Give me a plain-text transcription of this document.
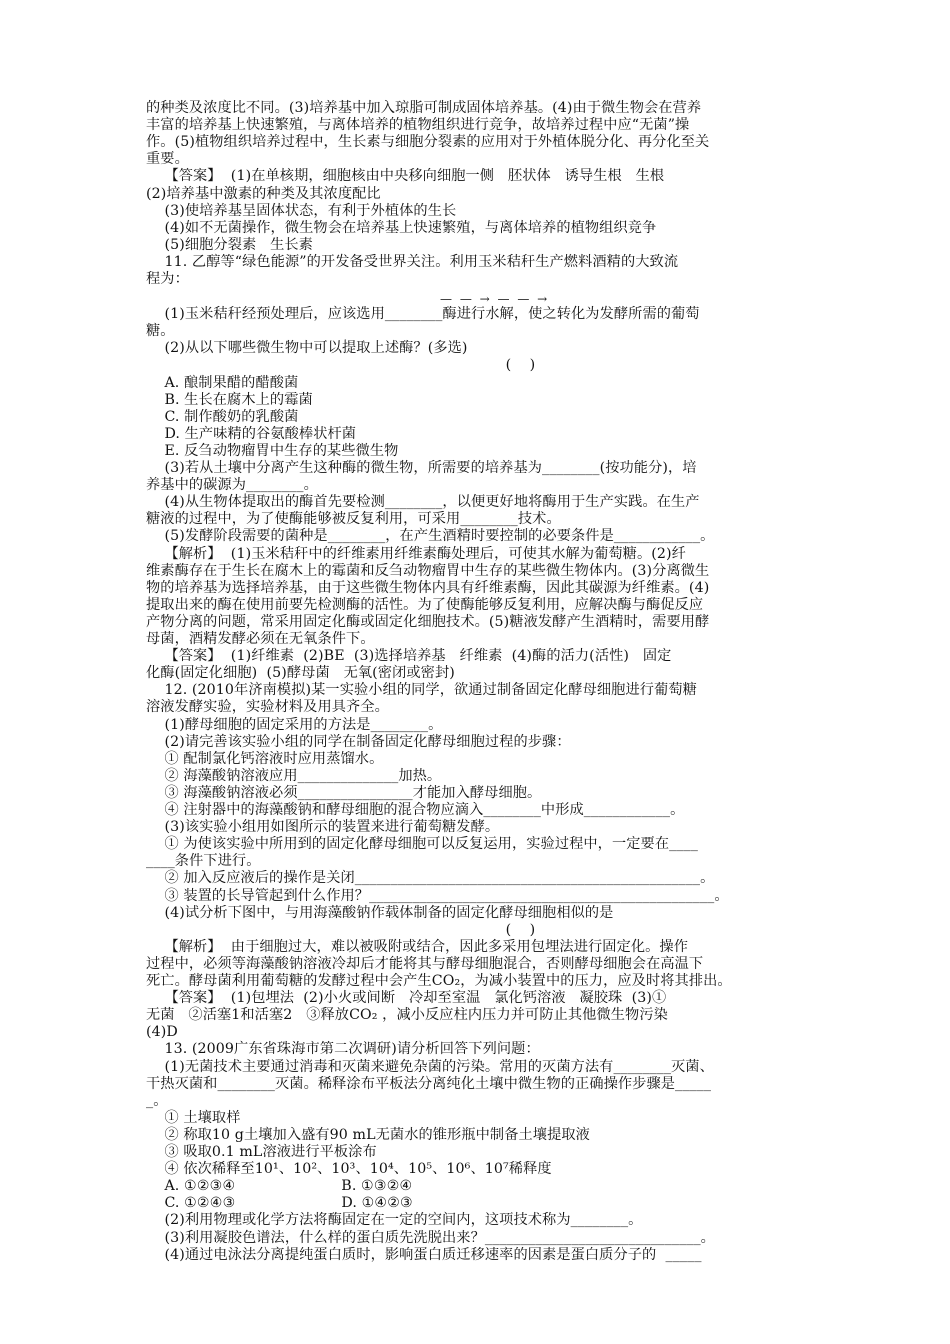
的种类及浓度比不同。(3)培养基中加入琼脂可制成固体培养基。(4)由于微生物会在营养
丰富的培养基上快速繁殖，与离体培养的植物组织进行竞争，故培养过程中应“无菌”操
作。(5)植物组织培养过程中，生长素与细胞分裂素的应用对于外植体脱分化、再分化至关
重要。
【答案】  (1)在单核期，细胞核由中央移向细胞一侧   胚状体   诱导生根   生根
(2)培养基中激素的种类及其浓度配比
(3)使培养基呈固体状态，有利于外植体的生长
(4)如不无菌操作，微生物会在培养基上快速繁殖，与离体培养的植物组织竞争
(5)细胞分裂素   生长素
11. 乙醇等“绿色能源”的开发备受世界关注。利用玉米秸秆生产燃料酒精的大致流
程为：
(1)玉米秸秆经预处理后，应该选用________酶进行水解，使之转化为发酵所需的葡萄
糖。
(2)从以下哪些微生物中可以提取上述酶？(多选)
(    )
A. 酿制果醋的醋酸菌
B. 生长在腐木上的霉菌
C. 制作酸奶的乳酸菌
D. 生产味精的谷氨酸棒状杆菌
E. 反刍动物瘤胃中生存的某些微生物
(3)若从土壤中分离产生这种酶的微生物，所需要的培养基为________(按功能分)，培
养基中的碳源为________。
(4)从生物体提取出的酶首先要检测________，以便更好地将酶用于生产实践。在生产
糖液的过程中，为了使酶能够被反复利用，可采用________技术。
(5)发酵阶段需要的菌种是________，在产生酒精时要控制的必要条件是____________。
【解析】  (1)玉米秸秆中的纤维素用纤维素酶处理后，可使其水解为葡萄糖。(2)纤
维素酶存在于生长在腐木上的霉菌和反刍动物瘤胃中生存的某些微生物体内。(3)分离微生
物的培养基为选择培养基，由于这些微生物体内具有纤维素酶，因此其碳源为纤维素。(4)
提取出来的酶在使用前要先检测酶的活性。为了使酶能够反复利用，应解决酶与酶促反应
产物分离的问题，常采用固定化酶或固定化细胞技术。(5)糖液发酵产生酒精时，需要用酵
母菌，酒精发酵必须在无氧条件下。
【答案】  (1)纤维素  (2)BE  (3)选择培养基   纤维素  (4)酶的活力(活性)   固定
化酶(固定化细胞)  (5)酵母菌   无氧(密闭或密封)
12. (2010年济南模拟)某一实验小组的同学，欲通过制备固定化酵母细胞进行葡萄糖
溶液发酵实验，实验材料及用具齐全。
(1)酵母细胞的固定采用的方法是________。
(2)请完善该实验小组的同学在制备固定化酵母细胞过程的步骤：
① 配制氯化钙溶液时应用蒸馏水。
② 海藻酸钠溶液应用______________加热。
③ 海藻酸钠溶液必须________________才能加入酵母细胞。
④ 注射器中的海藻酸钠和酵母细胞的混合物应滴入________中形成____________。
(3)该实验小组用如图所示的装置来进行葡萄糖发酵。
① 为使该实验中所用到的固定化酵母细胞可以反复运用，实验过程中，一定要在____
____条件下进行。
② 加入反应液后的操作是关闭________________________________________________。
③ 装置的长导管起到什么作用？________________________________________________。
(4)试分析下图中，与用海藻酸钠作载体制备的固定化酵母细胞相似的是
(    )
【解析】  由于细胞过大，难以被吸附或结合，因此多采用包埋法进行固定化。操作
过程中，必须等海藻酸钠溶液冷却后才能将其与酵母细胞混合，否则酵母细胞会在高温下
死亡。酵母菌利用葡萄糖的发酵过程中会产生CO₂，为减小装置中的压力，应及时将其排出。
【答案】  (1)包埋法  (2)小火或间断   冷却至室温   氯化钙溶液   凝胶珠  (3)①
无菌   ②活塞1和活塞2   ③释放CO₂ ，减小反应柱内压力并可防止其他微生物污染
(4)D
13. (2009广东省珠海市第二次调研)请分析回答下列问题：
(1)无菌技术主要通过消毒和灭菌来避免杂菌的污染。常用的灭菌方法有________灭菌、
干热灭菌和________灭菌。稀释涂布平板法分离纯化土壤中微生物的正确操作步骤是_____
_。
① 土壤取样
② 称取10 g土壤加入盛有90 mL无菌水的锥形瓶中制备土壤提取液
③ 吸取0.1 mL溶液进行平板涂布
④ 依次稀释至10¹、10²、10³、10⁴、10⁵、10⁶、10⁷稀释度
A. ①②③④                       B. ①③②④
C. ①②④③                       D. ①④②③
(2)利用物理或化学方法将酶固定在一定的空间内，这项技术称为________。
(3)利用凝胶色谱法，什么样的蛋白质先洗脱出来？______________________________。
(4)通过电泳法分离提纯蛋白质时，影响蛋白质迁移速率的因素是蛋白质分子的  _____
— — → — — →
